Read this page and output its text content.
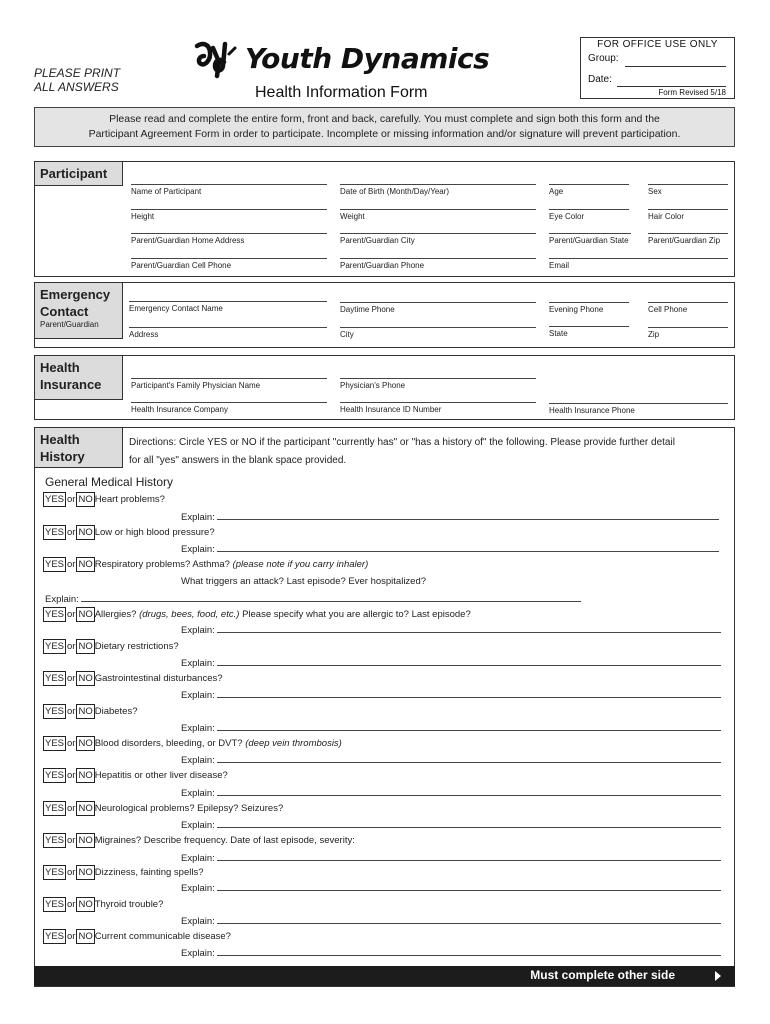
PLEASE PRINT
ALL ANSWERS
Youth Dynamics
Health Information Form
FOR OFFICE USE ONLY
Group:
Date:
Form Revised 5/18
Please read and complete the entire form, front and back, carefully. You must complete and sign both this form and the
Participant Agreement Form in order to participate. Incomplete or missing information and/or signature will prevent participation.
Participant
Name of Participant	Date of Birth (Month/Day/Year)	Age	Sex
Height	Weight	Eye Color	Hair Color
Parent/Guardian Home Address	Parent/Guardian City	Parent/Guardian State Parent/Guardian Zip
Parent/Guardian Cell Phone	Parent/Guardian Phone	Email
Emergency
Contact
Parent/Guardian
Emergency Contact Name	Daytime Phone	Evening Phone	Cell Phone
Address	City	State	Zip
Health
Insurance	Participant's Family Physician Name	Physician's Phone
Health Insurance Company	Health Insurance ID Number	Health Insurance Phone
Health
History
Directions: Circle YES or NO if the participant "currently has" or "has a history of" the following. Please provide further detail
for all "yes" answers in the blank space provided.
General Medical History
YES or NO Heart problems?
Explain:
YES or NO Low or high blood pressure?
Explain:
YES or NO Respiratory problems? Asthma? (please note if you carry inhaler)
What triggers an attack? Last episode? Ever hospitalized?
Explain:
YES or NO Allergies? (drugs, bees, food, etc.) Please specify what you are allergic to? Last episode?
Explain:
YES or NO Dietary restrictions?
Explain:
YES or NO Gastrointestinal disturbances?
Explain:
YES or NO Diabetes?
Explain:
YES or NO Blood disorders, bleeding, or DVT? (deep vein thrombosis)
Explain:
YES or NO Hepatitis or other liver disease?
Explain:
YES or NO Neurological problems? Epilepsy? Seizures?
Explain:
YES or NO Migraines? Describe frequency. Date of last episode, severity:
Explain:
YES or NO Dizziness, fainting spells?
Explain:
YES or NO Thyroid trouble?
Explain:
YES or NOCurrent communicable disease?
Explain:
Must complete other side
